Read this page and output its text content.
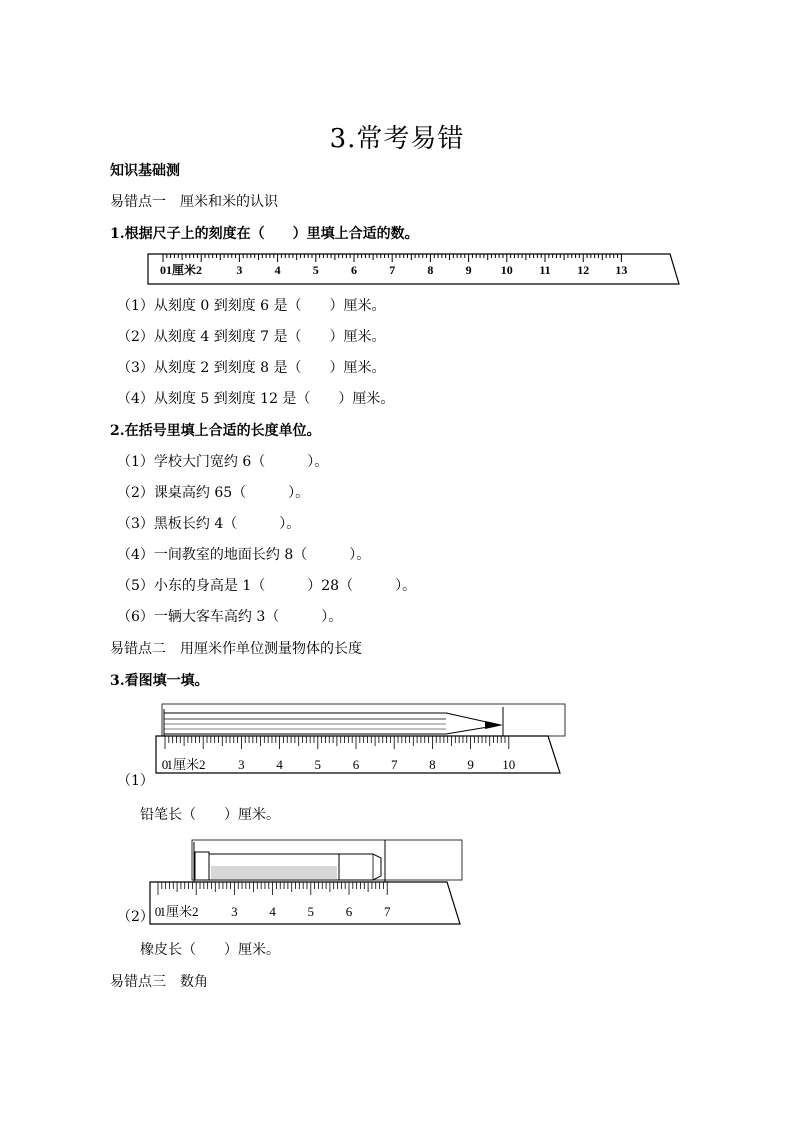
3.常考易错
知识基础测
易错点一　厘米和米的认识
1.根据尺子上的刻度在（　　）里填上合适的数。
0 1厘米2	3	4	5	6	7	8	9 10 11 12 13
（1）从刻度 0 到刻度 6 是（　　）厘米。
（2）从刻度 4 到刻度 7 是（　　）厘米。
（3）从刻度 2 到刻度 8 是（　　）厘米。
（4）从刻度 5 到刻度 12 是（　　）厘米。
2.在括号里填上合适的长度单位。
（1）学校大门宽约 6（　　　）。
（2）课桌高约 65（　　　）。
（3）黑板长约 4（　　　）。
（4）一间教室的地面长约 8（　　　）。
（5）小东的身高是 1（　　　）28（　　　）。
（6）一辆大客车高约 3（　　　）。
易错点二　用厘米作单位测量物体的长度
3.看图填一填。
0
1厘米2	3 4 5 6 7 8 9 10
（1）
铅笔长（　　）厘米。
0
1厘米2	3 4 5 6 7
（2）
橡皮长（　　）厘米。
易错点三　数角
